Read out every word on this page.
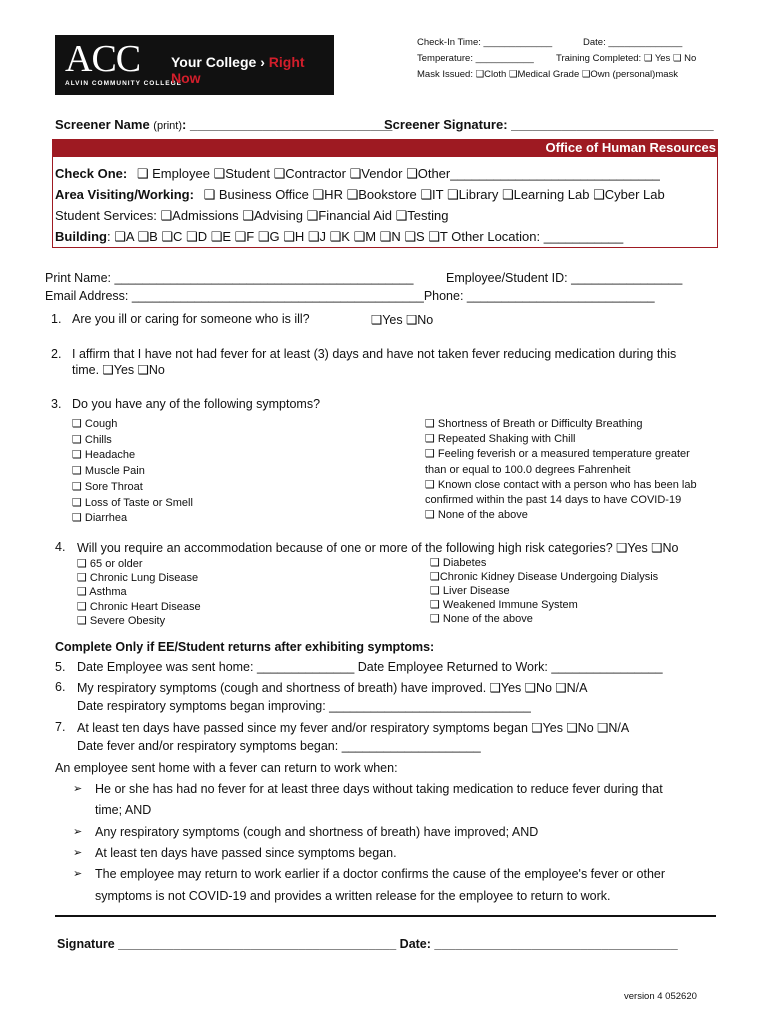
Check-In Time: _____________	Date: ______________
Temperature: ___________ Training Completed: ❑ Yes ❑ No
Mask Issued: ❑Cloth ❑Medical Grade ❑Own (personal)mask
ACC
ALVIN COMMUNITY COLLEGE
Your College › Right Now
Screener Name (print): ____________________________
Screener Signature: ____________________________
Office of Human Resources
Check One: ❑ Employee ❑Student ❑Contractor ❑Vendor ❑Other_____________________________
Area Visiting/Working: ❑ Business Office ❑HR ❑Bookstore ❑IT ❑Library ❑Learning Lab ❑Cyber Lab
Student Services: ❑Admissions ❑Advising ❑Financial Aid ❑Testing
Building: ❑A ❑B ❑C ❑D ❑E ❑F ❑G ❑H ❑J ❑K ❑M ❑N ❑S ❑T Other Location: ___________
Print Name: ___________________________________________	Employee/Student ID: ________________
Email Address: __________________________________________Phone: ___________________________
1. Are you ill or caring for someone who is ill?	❑Yes ❑No
2. I affirm that I have not had fever for at least (3) days and have not taken fever reducing medication during this
time. ❑Yes ❑No
3. Do you have any of the following symptoms?
❑ Cough
❑ Chills
❑ Headache
❑ Muscle Pain
❑ Sore Throat
❑ Loss of Taste or Smell
❑ Diarrhea
❑ Shortness of Breath or Difficulty Breathing
❑ Repeated Shaking with Chill
❑ Feeling feverish or a measured temperature greater
than or equal to 100.0 degrees Fahrenheit
❑ Known close contact with a person who has been lab
confirmed within the past 14 days to have COVID-19
❑ None of the above
4. Will you require an accommodation because of one or more of the following high risk categories? ❑Yes ❑No
❑ 65 or older
❑ Chronic Lung Disease
❑ Asthma
❑ Chronic Heart Disease
❑ Severe Obesity
❑ Diabetes
❑Chronic Kidney Disease Undergoing Dialysis
❑ Liver Disease
❑ Weakened Immune System
❑ None of the above
Complete Only if EE/Student returns after exhibiting symptoms:
5. Date Employee was sent home: ______________ Date Employee Returned to Work: ________________
6. My respiratory symptoms (cough and shortness of breath) have improved. ❑Yes ❑No ❑N/A
Date respiratory symptoms began improving: _____________________________
7. At least ten days have passed since my fever and/or respiratory symptoms began ❑Yes ❑No ❑N/A
Date fever and/or respiratory symptoms began: ____________________
An employee sent home with a fever can return to work when:
➢ He or she has had no fever for at least three days without taking medication to reduce fever during that
time; AND
➢ Any respiratory symptoms (cough and shortness of breath) have improved; AND
➢ At least ten days have passed since symptoms began.
➢ The employee may return to work earlier if a doctor confirms the cause of the employee's fever or other
symptoms is not COVID-19 and provides a written release for the employee to return to work.
Signature ________________________________________ Date: ___________________________________
version 4 052620
